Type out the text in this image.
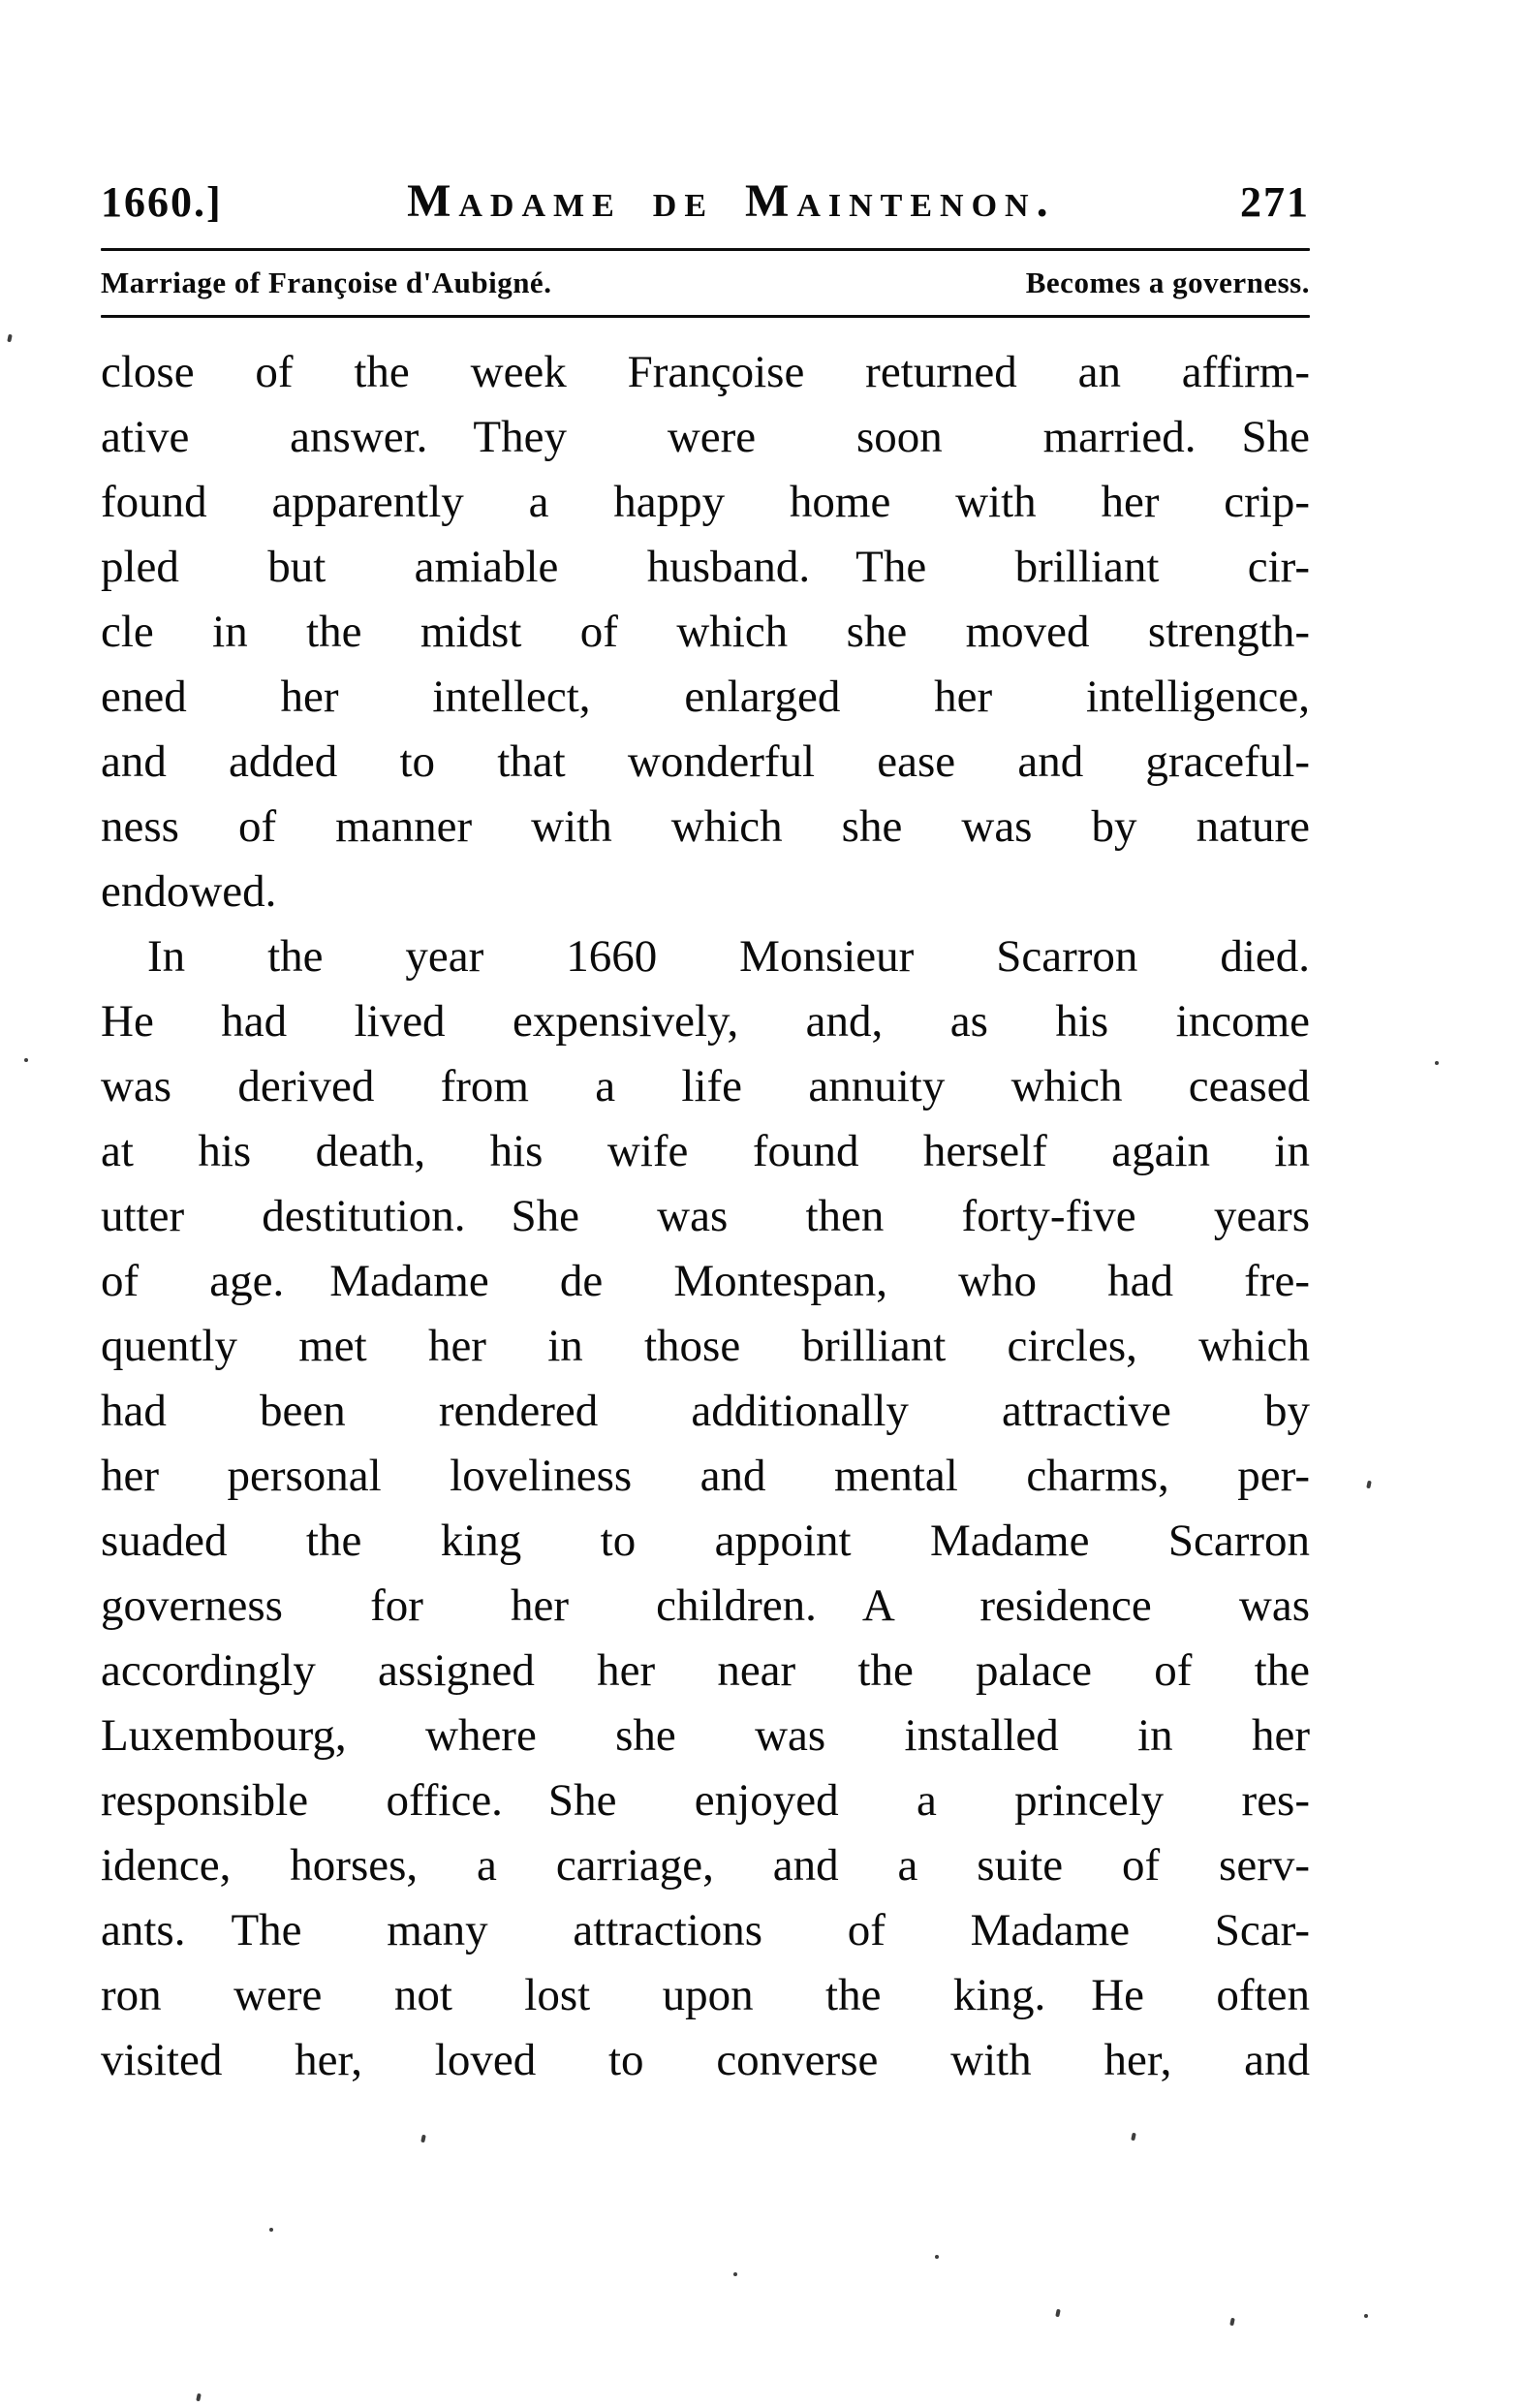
1660.]	Madame de Maintenon.	271
Marriage of Françoise d'Aubigné.	Becomes a governess.
close of the week Françoise returned an affirm-
ative answer. They were soon married. She
found apparently a happy home with her crip-
pled but amiable husband. The brilliant cir-
cle in the midst of which she moved strength-
ened her intellect, enlarged her intelligence,
and added to that wonderful ease and graceful-
ness of manner with which she was by nature
endowed.
In the year 1660 Monsieur Scarron died.
He had lived expensively, and, as his income
was derived from a life annuity which ceased
at his death, his wife found herself again in
utter destitution. She was then forty-five years
of age. Madame de Montespan, who had fre-
quently met her in those brilliant circles, which
had been rendered additionally attractive by
her personal loveliness and mental charms, per-
suaded the king to appoint Madame Scarron
governess for her children. A residence was
accordingly assigned her near the palace of the
Luxembourg, where she was installed in her
responsible office. She enjoyed a princely res-
idence, horses, a carriage, and a suite of serv-
ants. The many attractions of Madame Scar-
ron were not lost upon the king. He often
visited her, loved to converse with her, and
